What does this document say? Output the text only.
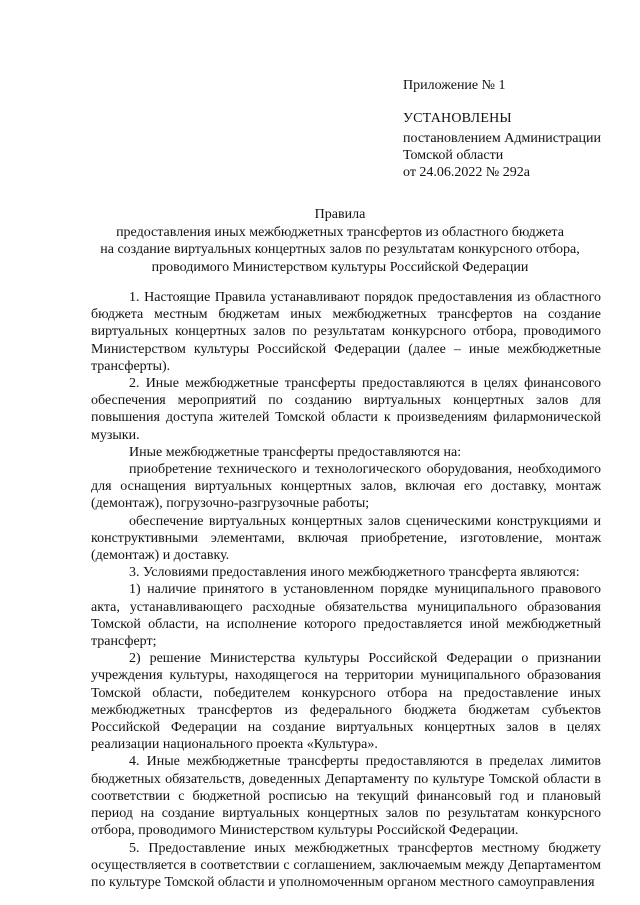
Приложение № 1
УСТАНОВЛЕНЫ
постановлением Администрации
Томской области
от 24.06.2022 № 292а
Правила
предоставления иных межбюджетных трансфертов из областного бюджета
на создание виртуальных концертных залов по результатам конкурсного отбора,
проводимого Министерством культуры Российской Федерации

1. Настоящие Правила устанавливают порядок предоставления из областного бюджета местным бюджетам иных межбюджетных трансфертов на создание виртуальных концертных залов по результатам конкурсного отбора, проводимого Министерством культуры Российской Федерации (далее – иные межбюджетные трансферты).

2. Иные межбюджетные трансферты предоставляются в целях финансового обеспечения мероприятий по созданию виртуальных концертных залов для повышения доступа жителей Томской области к произведениям филармонической музыки.

Иные межбюджетные трансферты предоставляются на:

приобретение технического и технологического оборудования, необходимого для оснащения виртуальных концертных залов, включая его доставку, монтаж (демонтаж), погрузочно-разгрузочные работы;

обеспечение виртуальных концертных залов сценическими конструкциями и конструктивными элементами, включая приобретение, изготовление, монтаж (демонтаж) и доставку.

3. Условиями предоставления иного межбюджетного трансферта являются:

1) наличие принятого в установленном порядке муниципального правового акта, устанавливающего расходные обязательства муниципального образования Томской области, на исполнение которого предоставляется иной межбюджетный трансферт;

2) решение Министерства культуры Российской Федерации о признании учреждения культуры, находящегося на территории муниципального образования Томской области, победителем конкурсного отбора на предоставление иных межбюджетных трансфертов из федерального бюджета бюджетам субъектов Российской Федерации на создание виртуальных концертных залов в целях реализации национального проекта «Культура».

4. Иные межбюджетные трансферты предоставляются в пределах лимитов бюджетных обязательств, доведенных Департаменту по культуре Томской области в соответствии с бюджетной росписью на текущий финансовый год и плановый период на создание виртуальных концертных залов по результатам конкурсного отбора, проводимого Министерством культуры Российской Федерации.

5. Предоставление иных межбюджетных трансфертов местному бюджету осуществляется в соответствии с соглашением, заключаемым между Департаментом по культуре Томской области и уполномоченным органом местного самоуправления
